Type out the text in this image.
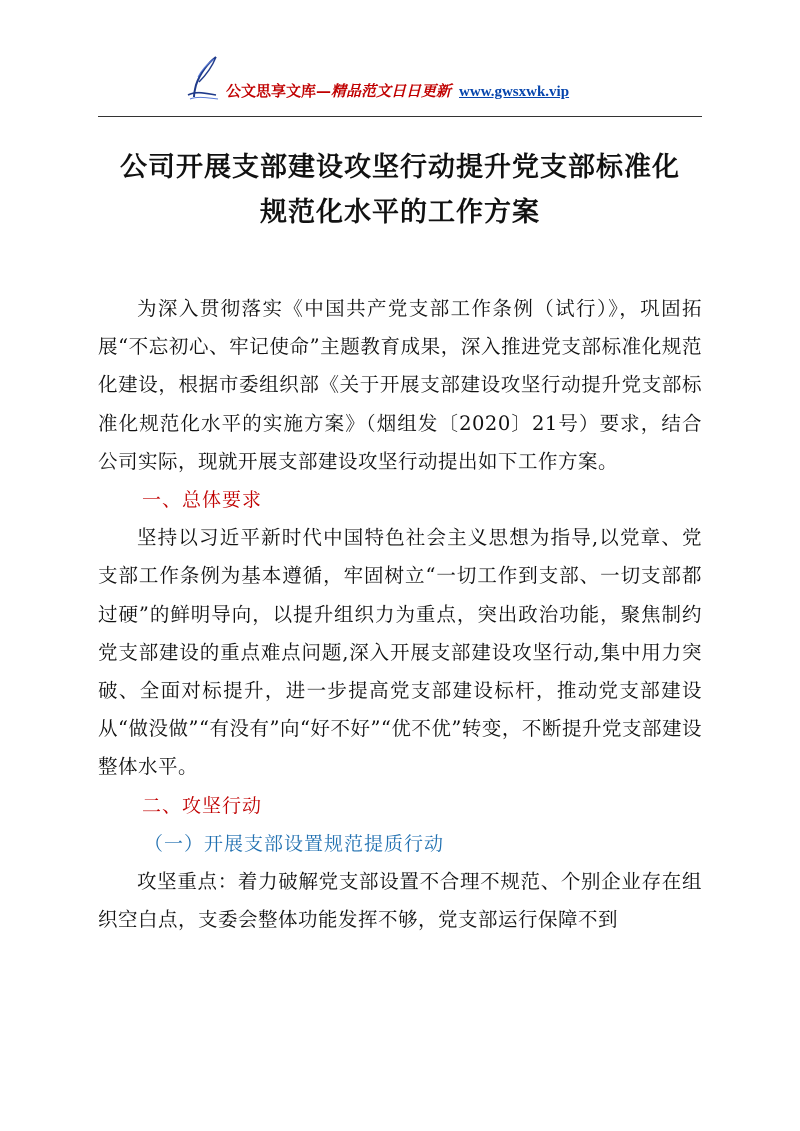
公文思享文库—精品范文日日更新 www.gwsxwk.vip
公司开展支部建设攻坚行动提升党支部标准化
规范化水平的工作方案

为深入贯彻落实《中国共产党支部工作条例（试行）》，巩固拓展“不忘初心、牢记使命”主题教育成果，深入推进党支部标准化规范化建设，根据市委组织部《关于开展支部建设攻坚行动提升党支部标准化规范化水平的实施方案》（烟组发〔2020〕21号）要求，结合公司实际，现就开展支部建设攻坚行动提出如下工作方案。

一、总体要求

坚持以习近平新时代中国特色社会主义思想为指导,以党章、党支部工作条例为基本遵循，牢固树立“一切工作到支部、一切支部都过硬”的鲜明导向，以提升组织力为重点，突出政治功能，聚焦制约党支部建设的重点难点问题,深入开展支部建设攻坚行动,集中用力突破、全面对标提升，进一步提高党支部建设标杆，推动党支部建设从“做没做”“有没有”向“好不好”“优不优”转变，不断提升党支部建设整体水平。

二、攻坚行动

（一）开展支部设置规范提质行动

攻坚重点：着力破解党支部设置不合理不规范、个别企业存在组织空白点，支委会整体功能发挥不够，党支部运行保障不到
